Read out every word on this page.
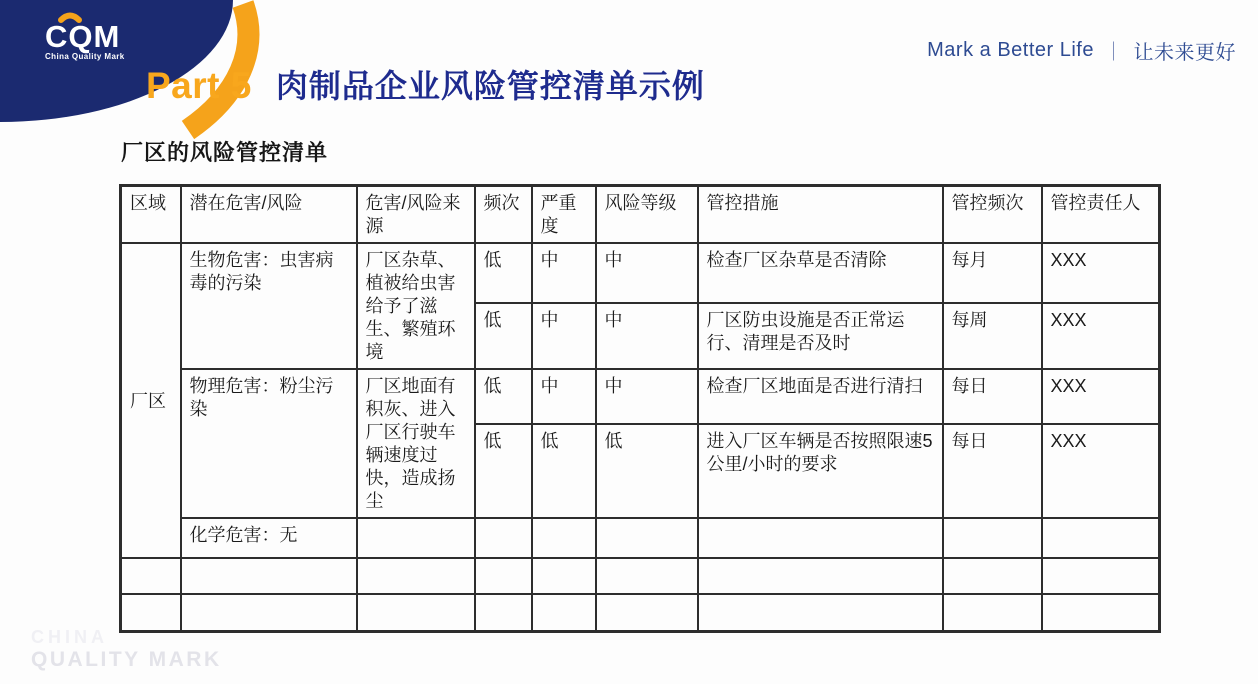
CQM
China Quality Mark	Mark a Better Life ｜ 让未来更好
Part 5 肉制品企业风险管控清单示例
厂区的风险管控清单
区域	潜在危害/风险	危害/风险来源	频次	严重度	风险等级	管控措施	管控频次	管控责任人
厂区	生物危害：虫害病毒的污染	厂区杂草、植被给虫害给予了滋生、繁殖环境	低	中	中	检查厂区杂草是否清除	每月	XXX
			低	中	中	厂区防虫设施是否正常运行、清理是否及时	每周	XXX
	物理危害：粉尘污染	厂区地面有积灰、进入厂区行驶车辆速度过快，造成扬尘	低	中	中	检查厂区地面是否进行清扫	每日	XXX
			低	低	低	进入厂区车辆是否按照限速5公里/小时的要求	每日	XXX
	化学危害：无							

CHINA
QUALITY MARK
